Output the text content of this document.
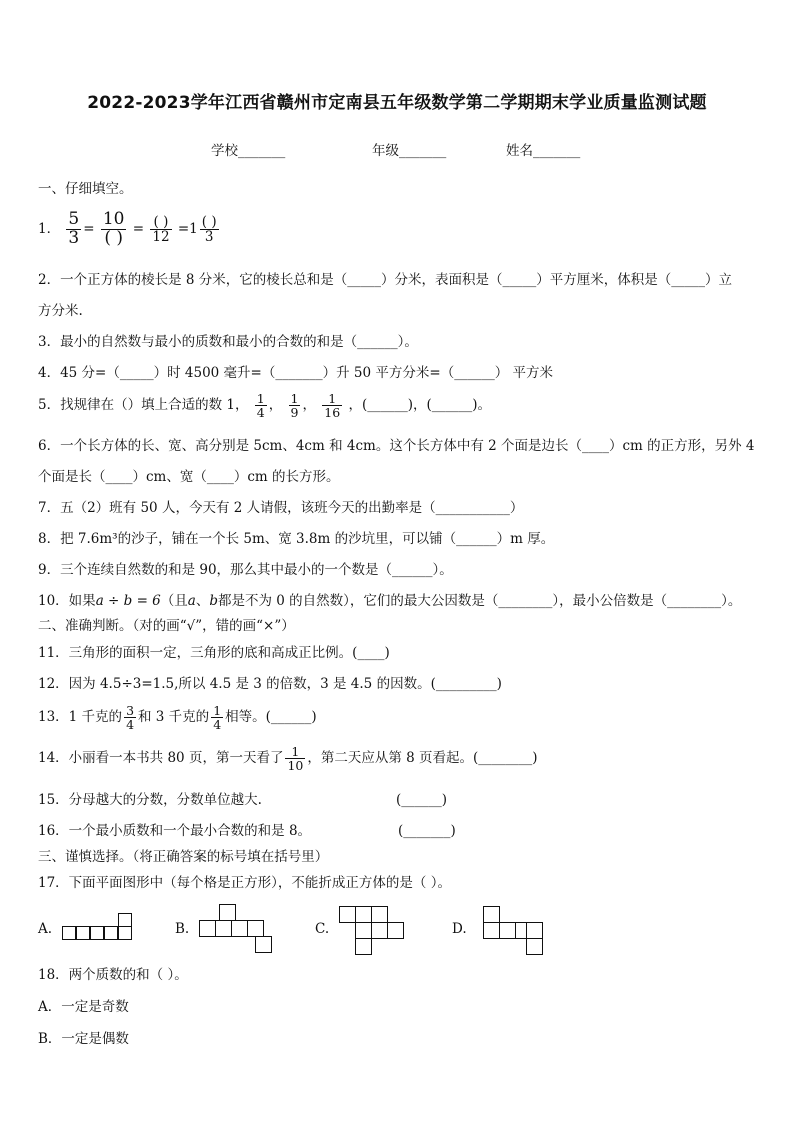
2022-2023学年江西省赣州市定南县五年级数学第二学期期末学业质量监测试题
学校_______	年级_______	姓名_______
一、仔细填空。
1． $\frac{5}{3} = \frac{10}{( )} = \frac{( )}{12} =1 \frac{( )}{3}$
2．一个正方体的棱长是 8 分米，它的棱长总和是（_____）分米，表面积是（_____）平方厘米，体积是（_____）立
方分米.
3．最小的自然数与最小的质数和最小的合数的和是（______）。
4．45 分=（_____）时 4500 毫升=（_______）升 50 平方分米=（______） 平方米
5．找规律在（）填上合适的数 1， $\frac{1}{4}$ ， $\frac{1}{9}$ ， $\frac{1}{16}$ ，(______)，(______)。
6．一个长方体的长、宽、高分别是 5cm、4cm 和 4cm。这个长方体中有 2 个面是边长（____）cm 的正方形，另外 4
个面是长（____）cm、宽（____）cm 的长方形。
7．五（2）班有 50 人，今天有 2 人请假，该班今天的出勤率是（___________）
8．把 7.6m³的沙子，铺在一个长 5m、宽 3.8m 的沙坑里，可以铺（______）m 厚。
9．三个连续自然数的和是 90，那么其中最小的一个数是（______）。
10．如果a ÷ b = 6（且a、b都是不为 0 的自然数），它们的最大公因数是（________），最小公倍数是（________）。
二、准确判断。（对的画“√”，错的画“×”）
11．三角形的面积一定，三角形的底和高成正比例。(____)
12．因为 4.5÷3=1.5,所以 4.5 是 3 的倍数，3 是 4.5 的因数。(_________)
13．1 千克的 $\frac{3}{4}$ 和 3 千克的 $\frac{1}{4}$ 相等。(______)
14．小丽看一本书共 80 页，第一天看了 $\frac{1}{10}$ ，第二天应从第 8 页看起。(________)
15．分母越大的分数，分数单位越大.	(______)
16．一个最小质数和一个最小合数的和是 8。	(_______)
三、谨慎选择。（将正确答案的标号填在括号里）
17．下面平面图形中（每个格是正方形），不能折成正方体的是（ ）。
A.	B.	C.	D.
18．两个质数的和（ ）。
A．一定是奇数
B．一定是偶数
